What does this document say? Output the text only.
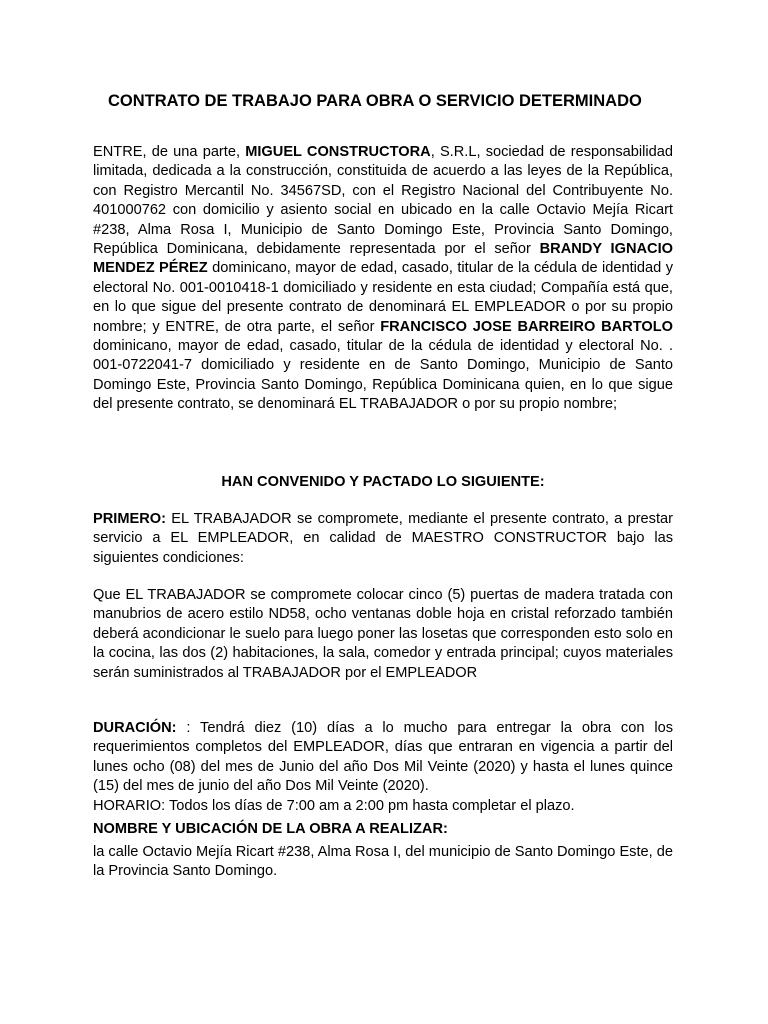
CONTRATO DE TRABAJO PARA OBRA O SERVICIO DETERMINADO
ENTRE, de una parte, MIGUEL CONSTRUCTORA, S.R.L, sociedad de responsabilidad limitada, dedicada a la construcción, constituida de acuerdo a las leyes de la República, con Registro Mercantil No. 34567SD, con el Registro Nacional del Contribuyente No. 401000762 con domicilio y asiento social en ubicado en la calle Octavio Mejía Ricart #238, Alma Rosa I, Municipio de Santo Domingo Este, Provincia Santo Domingo, República Dominicana, debidamente representada por el señor BRANDY IGNACIO MENDEZ PÉREZ dominicano, mayor de edad, casado, titular de la cédula de identidad y electoral No. 001-0010418-1 domiciliado y residente en esta ciudad; Compañía está que, en lo que sigue del presente contrato de denominará EL EMPLEADOR o por su propio nombre; y ENTRE, de otra parte, el señor FRANCISCO JOSE BARREIRO BARTOLO dominicano, mayor de edad, casado, titular de la cédula de identidad y electoral No. . 001-0722041-7 domiciliado y residente en de Santo Domingo, Municipio de Santo Domingo Este, Provincia Santo Domingo, República Dominicana quien, en lo que sigue del presente contrato, se denominará EL TRABAJADOR o por su propio nombre;
HAN CONVENIDO Y PACTADO LO SIGUIENTE:
PRIMERO: EL TRABAJADOR se compromete, mediante el presente contrato, a prestar servicio a EL EMPLEADOR, en calidad de MAESTRO CONSTRUCTOR bajo las siguientes condiciones:
Que EL TRABAJADOR se compromete colocar cinco (5) puertas de madera tratada con manubrios de acero estilo ND58, ocho ventanas doble hoja en cristal reforzado también deberá acondicionar le suelo para luego poner las losetas que corresponden esto solo en la cocina, las dos (2) habitaciones, la sala, comedor y entrada principal; cuyos materiales serán suministrados al TRABAJADOR por el EMPLEADOR
DURACIÓN: : Tendrá diez (10) días a lo mucho para entregar la obra con los requerimientos completos del EMPLEADOR, días que entraran en vigencia a partir del lunes ocho (08) del mes de Junio del año Dos Mil Veinte (2020) y hasta el lunes quince (15) del mes de junio del año Dos Mil Veinte (2020).
HORARIO: Todos los días de 7:00 am a 2:00 pm hasta completar el plazo.
NOMBRE Y UBICACIÓN DE LA OBRA A REALIZAR:
la calle Octavio Mejía Ricart #238, Alma Rosa I, del municipio de Santo Domingo Este, de la Provincia Santo Domingo.
